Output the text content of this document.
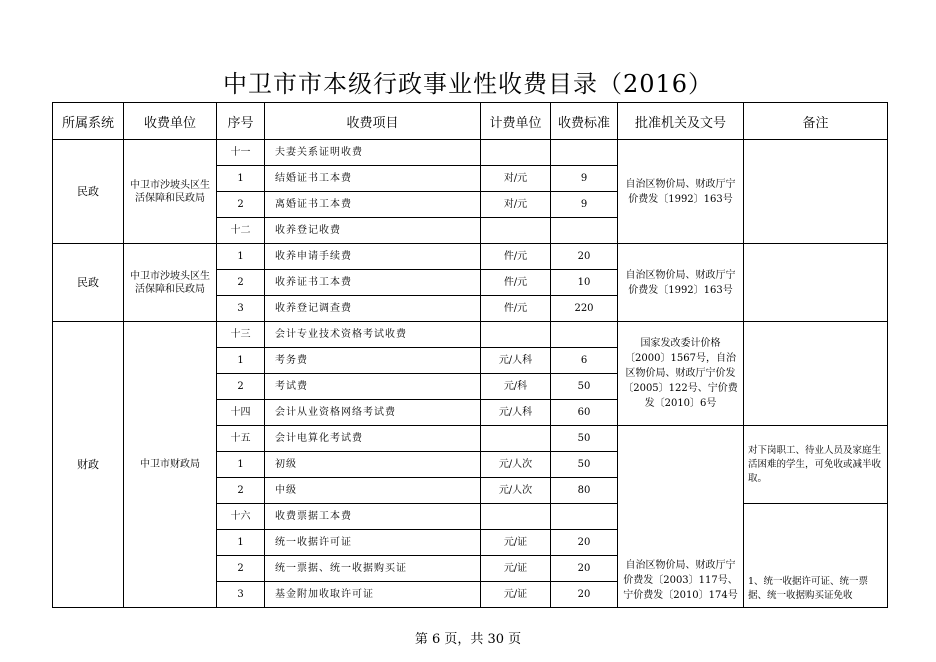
中卫市市本级行政事业性收费目录（2016）
所属系统	收费单位	序号	收费项目	计费单位	收费标准	批准机关及文号	备注
民政	中卫市沙坡头区生活保障和民政局	十一	夫妻关系证明收费			自治区物价局、财政厅宁价费发〔1992〕163号	
		1	结婚证书工本费	对/元	9		
		2	离婚证书工本费	对/元	9		
		十二	收养登记收费				
民政	中卫市沙坡头区生活保障和民政局	1	收养申请手续费	件/元	20	自治区物价局、财政厅宁价费发〔1992〕163号	
		2	收养证书工本费	件/元	10		
		3	收养登记调查费	件/元	220		
财政	中卫市财政局	十三	会计专业技术资格考试收费			国家发改委计价格〔2000〕1567号，自治区物价局、财政厅宁价发〔2005〕122号、宁价费发〔2010〕6号	
		1	考务费	元/人科	6		
		2	考试费	元/科	50		
		十四	会计从业资格网络考试费	元/人科	60		
		十五	会计电算化考试费		50	自治区物价局、财政厅宁价费发〔2003〕117号、宁价费发〔2010〕174号	对下岗职工、待业人员及家庭生活困难的学生，可免收或减半收取。
		1	初级	元/人次	50		
		2	中级	元/人次	80		
		十六	收费票据工本费				1、统一收据许可证、统一票据、统一收据购买证免收
		1	统一收据许可证	元/证	20		
		2	统一票据、统一收据购买证	元/证	20		
		3	基金附加收取许可证	元/证	20		
第 6 页，共 30 页
